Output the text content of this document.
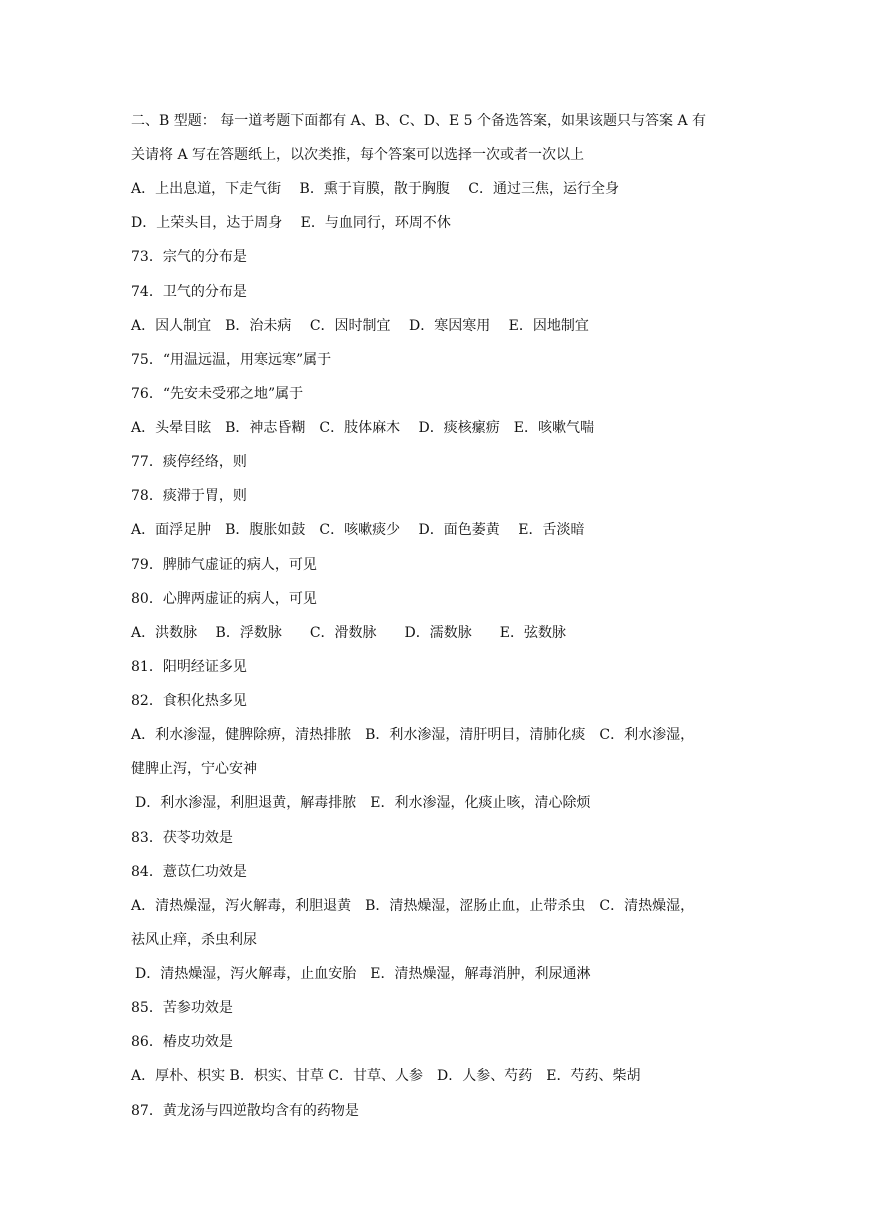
二、B 型题： 每一道考题下面都有 A、B、C、D、E 5 个备选答案，如果该题只与答案 A 有
关请将 A 写在答题纸上，以次类推，每个答案可以选择一次或者一次以上
A．上出息道，下走气街　 B．熏于肓膜，散于胸腹　 C．通过三焦，运行全身
D．上荣头目，达于周身　 E．与血同行，环周不休
73．宗气的分布是
74．卫气的分布是
A．因人制宜　B．治未病　 C．因时制宜　 D．寒因寒用　 E．因地制宜
75．“用温远温，用寒远寒”属于
76．“先安未受邪之地”属于
A．头晕目眩　B．神志昏糊　C．肢体麻木　 D．痰核瘰疬　E．咳嗽气喘
77．痰停经络，则
78．痰滞于胃，则
A．面浮足肿　B．腹胀如鼓　C．咳嗽痰少　 D．面色萎黄　 E．舌淡暗
79．脾肺气虚证的病人，可见
80．心脾两虚证的病人，可见
A．洪数脉　 B．浮数脉　　C．滑数脉　　D．濡数脉　　E．弦数脉
81．阳明经证多见
82．食积化热多见
A．利水渗湿，健脾除痹，清热排脓　B．利水渗湿，清肝明目，清肺化痰　C．利水渗湿，
健脾止泻，宁心安神
D．利水渗湿，利胆退黄，解毒排脓　E．利水渗湿，化痰止咳，清心除烦
83．茯苓功效是
84．薏苡仁功效是
A．清热燥湿，泻火解毒，利胆退黄　B．清热燥湿，涩肠止血，止带杀虫　C．清热燥湿，
祛风止痒，杀虫利尿
D．清热燥湿，泻火解毒，止血安胎　E．清热燥湿，解毒消肿，利尿通淋
85．苦参功效是
86．椿皮功效是
A．厚朴、枳实 B．枳实、甘草 C．甘草、人参　D．人参、芍药　E．芍药、柴胡
87．黄龙汤与四逆散均含有的药物是
